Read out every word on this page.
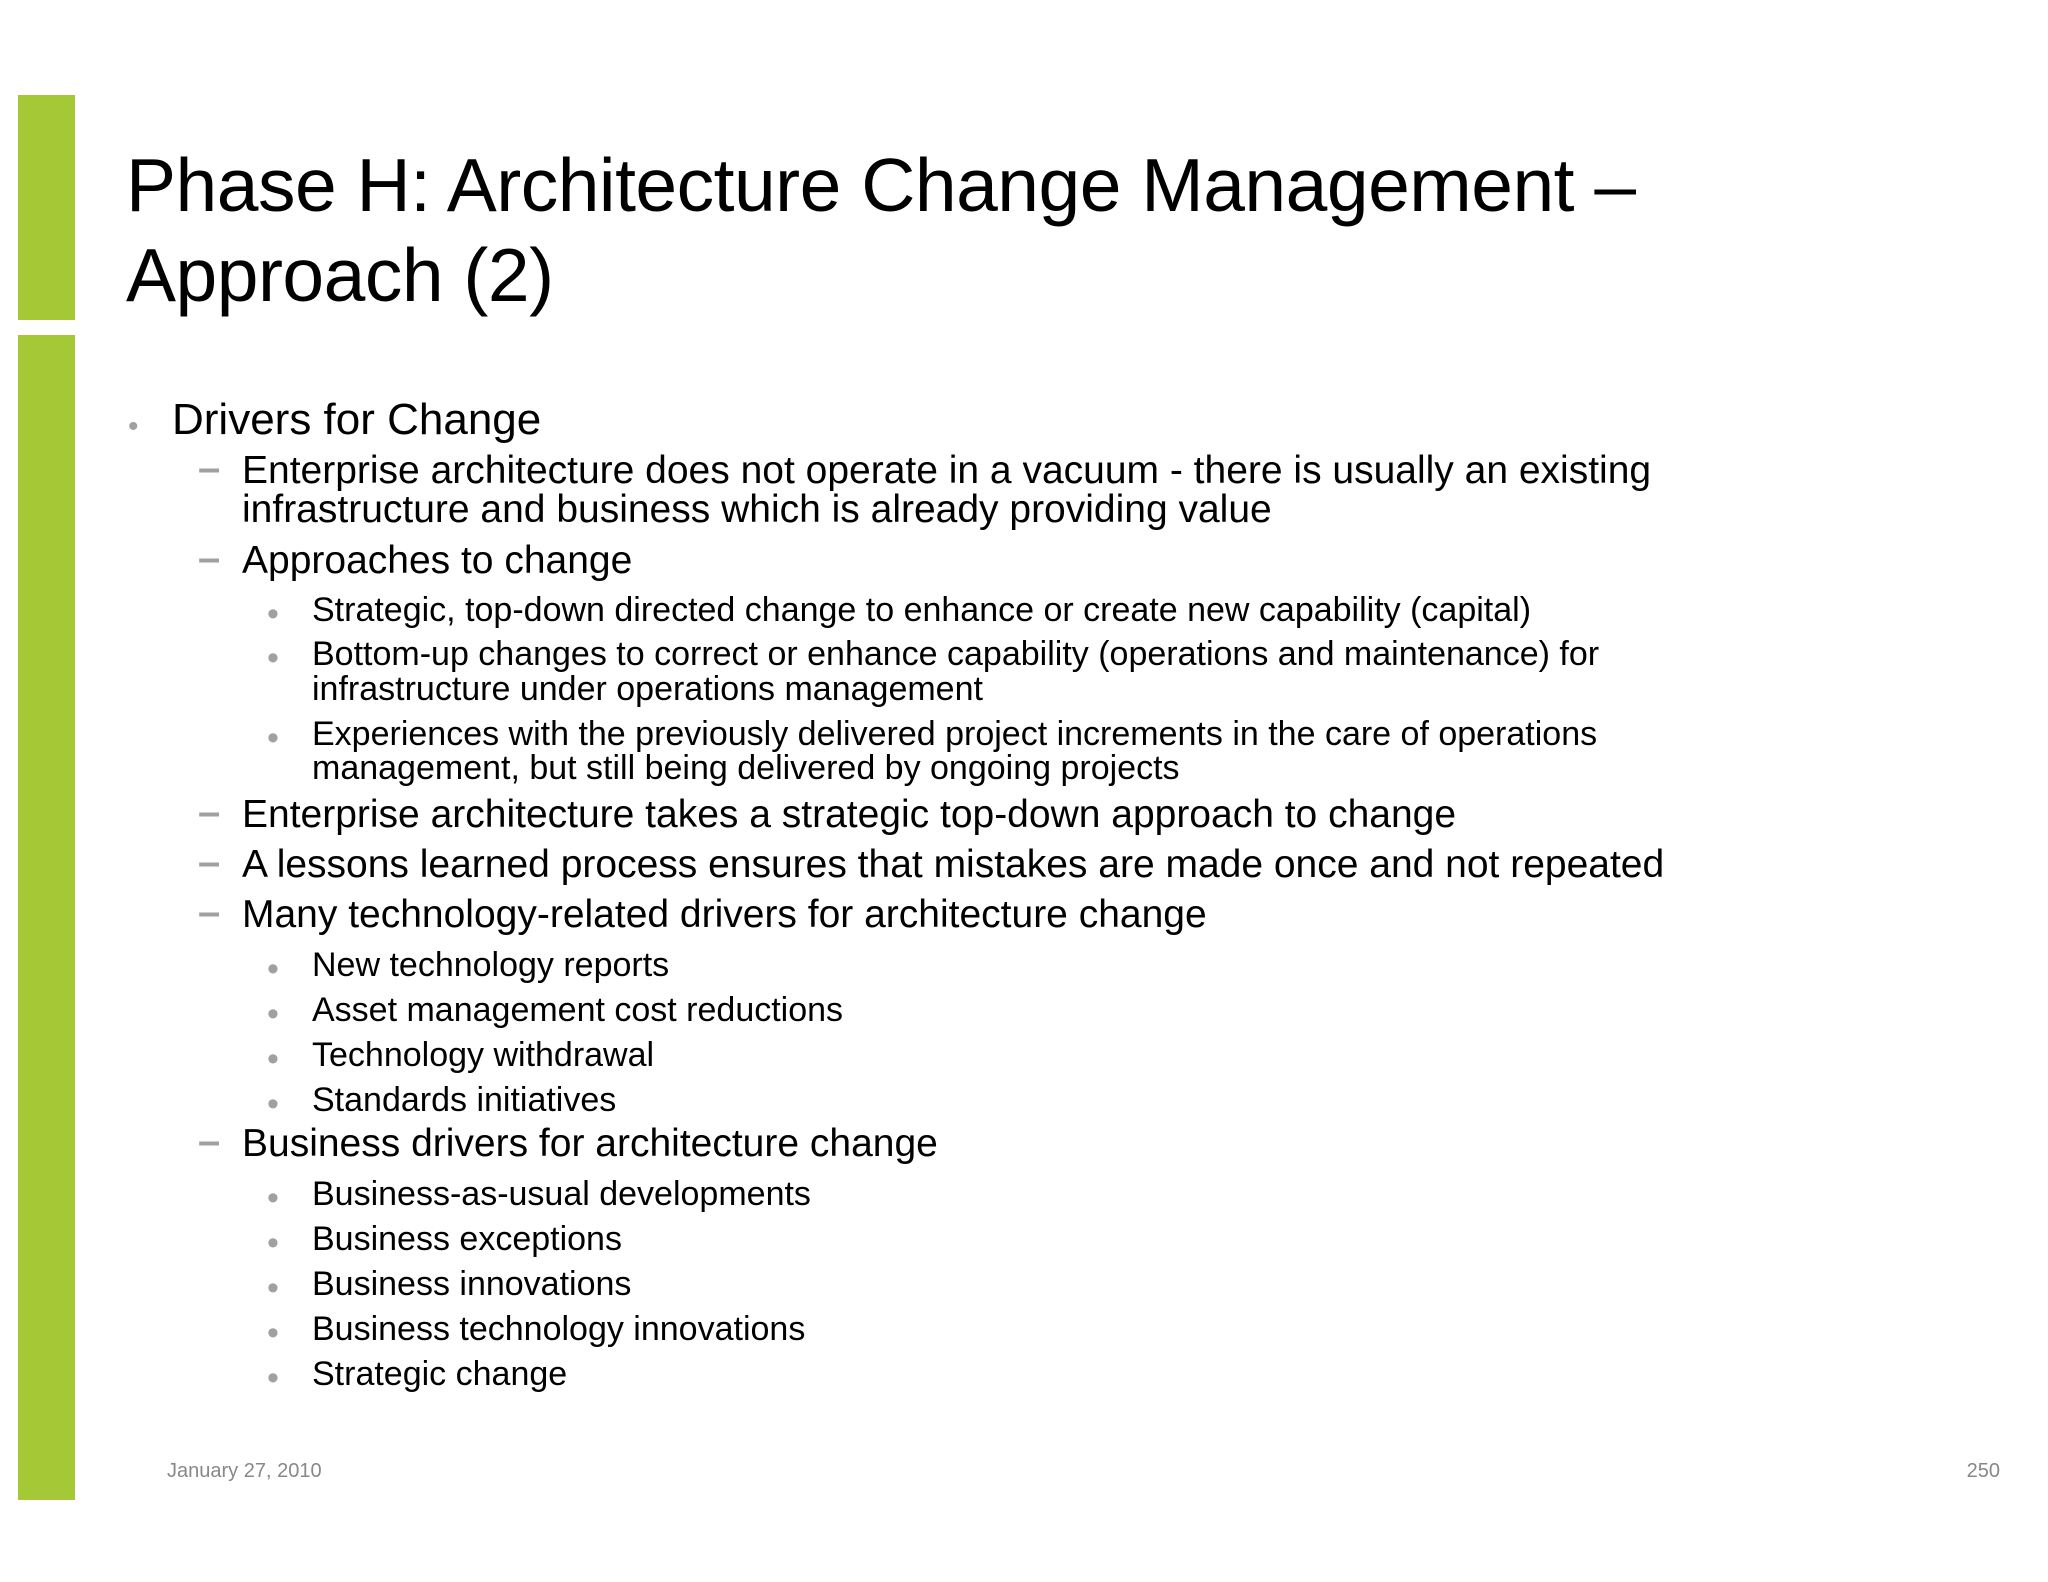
Phase H: Architecture Change Management –
Approach (2)
• Drivers for Change
– Enterprise architecture does not operate in a vacuum - there is usually an existing
infrastructure and business which is already providing value
– Approaches to change
• Strategic, top-down directed change to enhance or create new capability (capital)
• Bottom-up changes to correct or enhance capability (operations and maintenance) for
infrastructure under operations management
• Experiences with the previously delivered project increments in the care of operations
management, but still being delivered by ongoing projects
– Enterprise architecture takes a strategic top-down approach to change
– A lessons learned process ensures that mistakes are made once and not repeated
– Many technology-related drivers for architecture change
• New technology reports
• Asset management cost reductions
• Technology withdrawal
• Standards initiatives
– Business drivers for architecture change
• Business-as-usual developments
• Business exceptions
• Business innovations
• Business technology innovations
• Strategic change
January 27, 2010	250
